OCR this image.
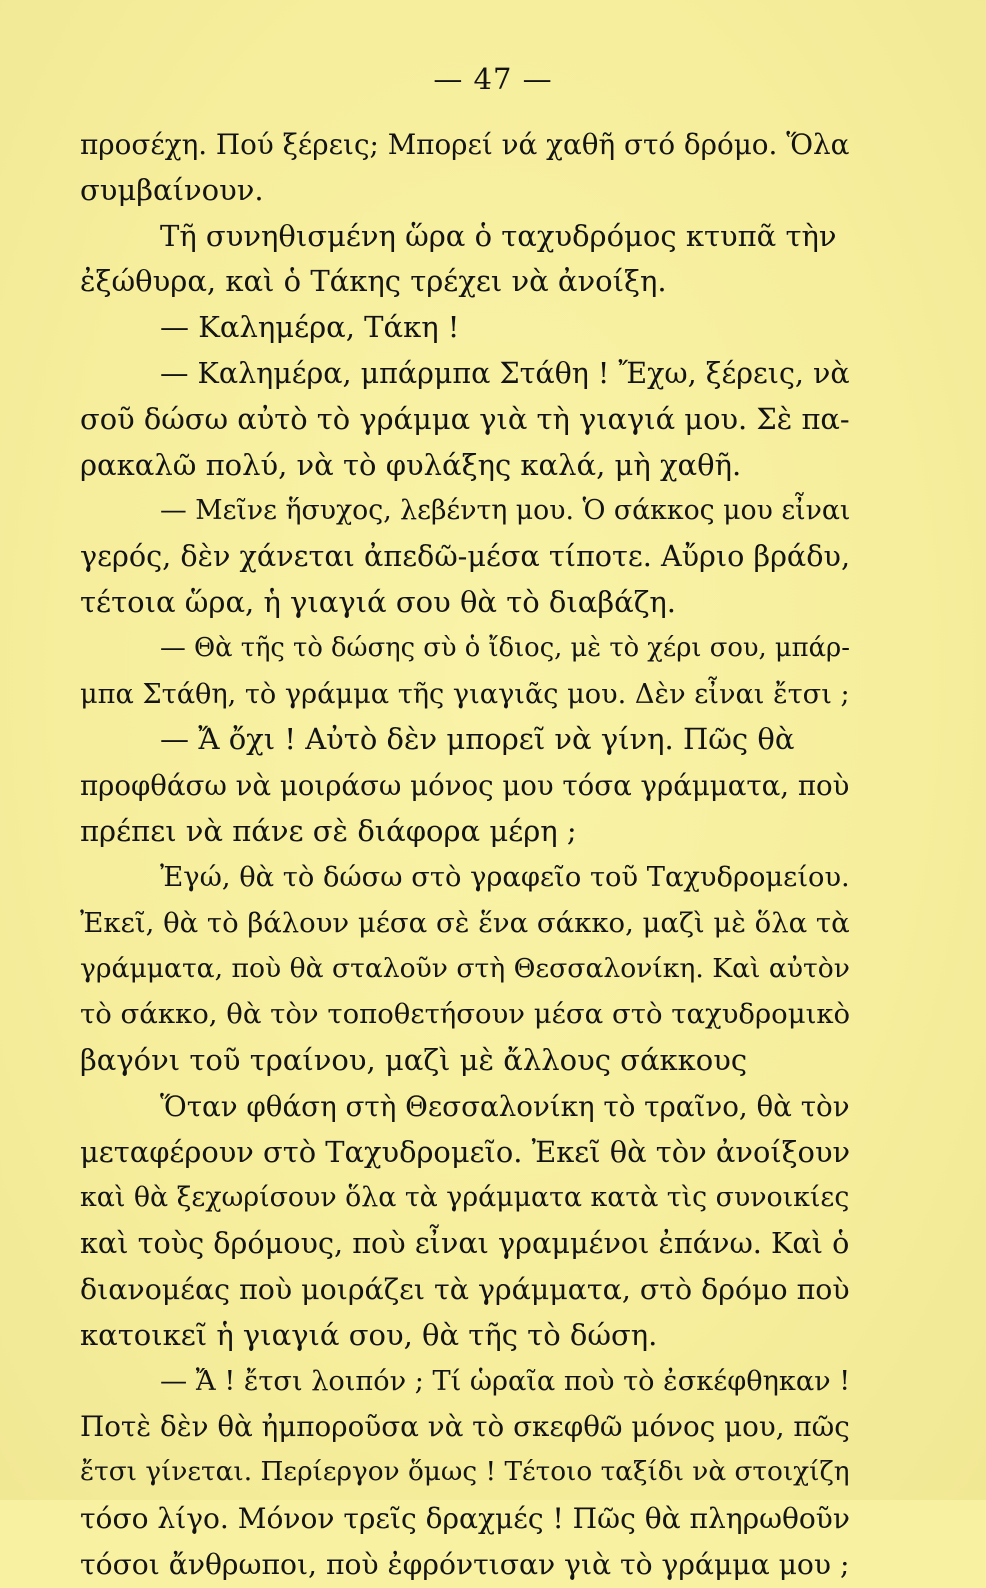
— 47 —
προσέχη. Πού ξέρεις; Μπορεί νά χαθῆ στό δρόμο. Ὅλα
συμβαίνουν.
Τῆ συνηθισμένη ὥρα ὁ ταχυδρόμος κτυπᾶ τὴν
ἐξώθυρα, καὶ ὁ Τάκης τρέχει νὰ ἀνοίξη.
— Καλημέρα, Τάκη !
— Καλημέρα, μπάρμπα Στάθη ! Ἔχω, ξέρεις, νὰ
σοῦ δώσω αὐτὸ τὸ γράμμα γιὰ τὴ γιαγιά μου. Σὲ πα-
ρακαλῶ πολύ, νὰ τὸ φυλάξης καλά, μὴ χαθῆ.
— Μεῖνε ἥσυχος, λεβέντη μου. Ὁ σάκκος μου εἶναι
γερός, δὲν χάνεται ἀπεδῶ-μέσα τίποτε. Αὔριο βράδυ,
τέτοια ὥρα, ἡ γιαγιά σου θὰ τὸ διαβάζη.
— Θὰ τῆς τὸ δώσης σὺ ὁ ἴδιος, μὲ τὸ χέρι σου, μπάρ-
μπα Στάθη, τὸ γράμμα τῆς γιαγιᾶς μου. Δὲν εἶναι ἔτσι ;
— Ἄ ὄχι ! Αὐτὸ δὲν μπορεῖ νὰ γίνη. Πῶς θὰ
προφθάσω νὰ μοιράσω μόνος μου τόσα γράμματα, ποὺ
πρέπει νὰ πάνε σὲ διάφορα μέρη ;
Ἐγώ, θὰ τὸ δώσω στὸ γραφεῖο τοῦ Ταχυδρομείου.
Ἐκεῖ, θὰ τὸ βάλουν μέσα σὲ ἕνα σάκκο, μαζὶ μὲ ὅλα τὰ
γράμματα, ποὺ θὰ σταλοῦν στὴ Θεσσαλονίκη. Καὶ αὐτὸν
τὸ σάκκο, θὰ τὸν τοποθετήσουν μέσα στὸ ταχυδρομικὸ
βαγόνι τοῦ τραίνου, μαζὶ μὲ ἄλλους σάκκους
Ὅταν φθάση στὴ Θεσσαλονίκη τὸ τραῖνο, θὰ τὸν
μεταφέρουν στὸ Ταχυδρομεῖο. Ἐκεῖ θὰ τὸν ἀνοίξουν
καὶ θὰ ξεχωρίσουν ὅλα τὰ γράμματα κατὰ τὶς συνοικίες
καὶ τοὺς δρόμους, ποὺ εἶναι γραμμένοι ἐπάνω. Καὶ ὁ
διανομέας ποὺ μοιράζει τὰ γράμματα, στὸ δρόμο ποὺ
κατοικεῖ ἡ γιαγιά σου, θὰ τῆς τὸ δώση.
— Ἄ ! ἔτσι λοιπόν ; Τί ὡραῖα ποὺ τὸ ἐσκέφθηκαν !
Ποτὲ δὲν θὰ ἠμποροῦσα νὰ τὸ σκεφθῶ μόνος μου, πῶς
ἔτσι γίνεται. Περίεργον ὅμως ! Τέτοιο ταξίδι νὰ στοιχίζη
τόσο λίγο. Μόνον τρεῖς δραχμές ! Πῶς θὰ πληρωθοῦν
τόσοι ἄνθρωποι, ποὺ ἐφρόντισαν γιὰ τὸ γράμμα μου ;
